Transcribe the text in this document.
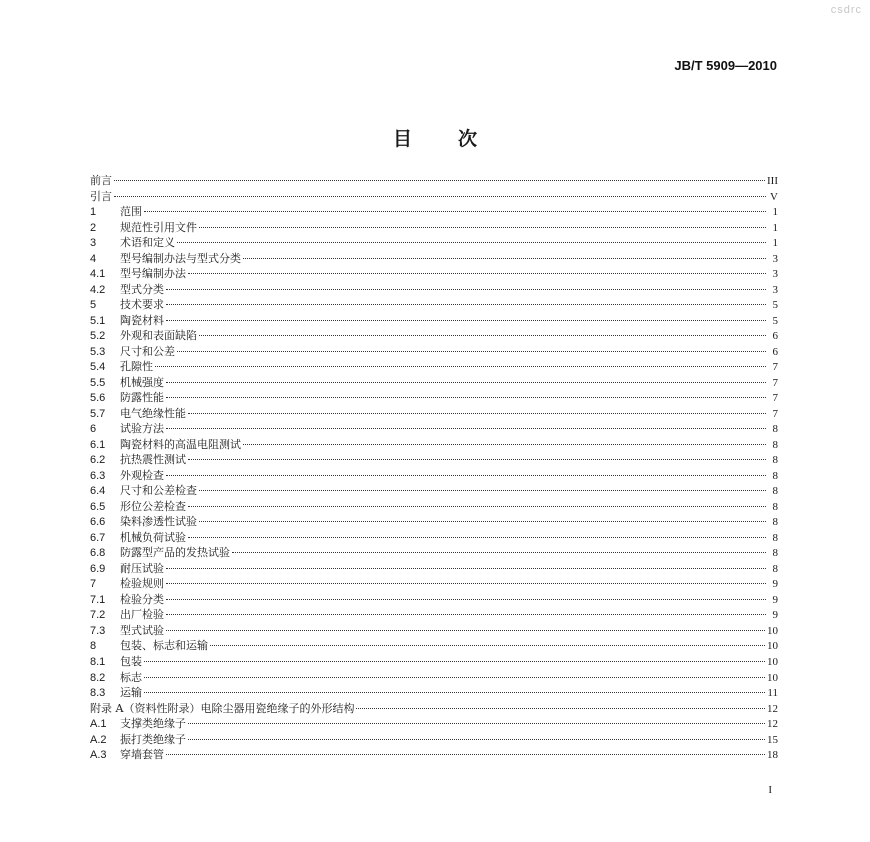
csdrc
JB/T 5909—2010
目次
前言	III
引言	V
1	范围	1
2	规范性引用文件	1
3	术语和定义	1
4	型号编制办法与型式分类	3
4.1	型号编制办法	3
4.2	型式分类	3
5	技术要求	5
5.1	陶瓷材料	5
5.2	外观和表面缺陷	6
5.3	尺寸和公差	6
5.4	孔隙性	7
5.5	机械强度	7
5.6	防露性能	7
5.7	电气绝缘性能	7
6	试验方法	8
6.1	陶瓷材料的高温电阻测试	8
6.2	抗热震性测试	8
6.3	外观检查	8
6.4	尺寸和公差检查	8
6.5	形位公差检查	8
6.6	染料渗透性试验	8
6.7	机械负荷试验	8
6.8	防露型产品的发热试验	8
6.9	耐压试验	8
7	检验规则	9
7.1	检验分类	9
7.2	出厂检验	9
7.3	型式试验	10
8	包装、标志和运输	10
8.1	包装	10
8.2	标志	10
8.3	运输	11
附录 A（资料性附录）电除尘器用瓷绝缘子的外形结构	12
A.1	支撑类绝缘子	12
A.2	振打类绝缘子	15
A.3	穿墙套管	18
I
